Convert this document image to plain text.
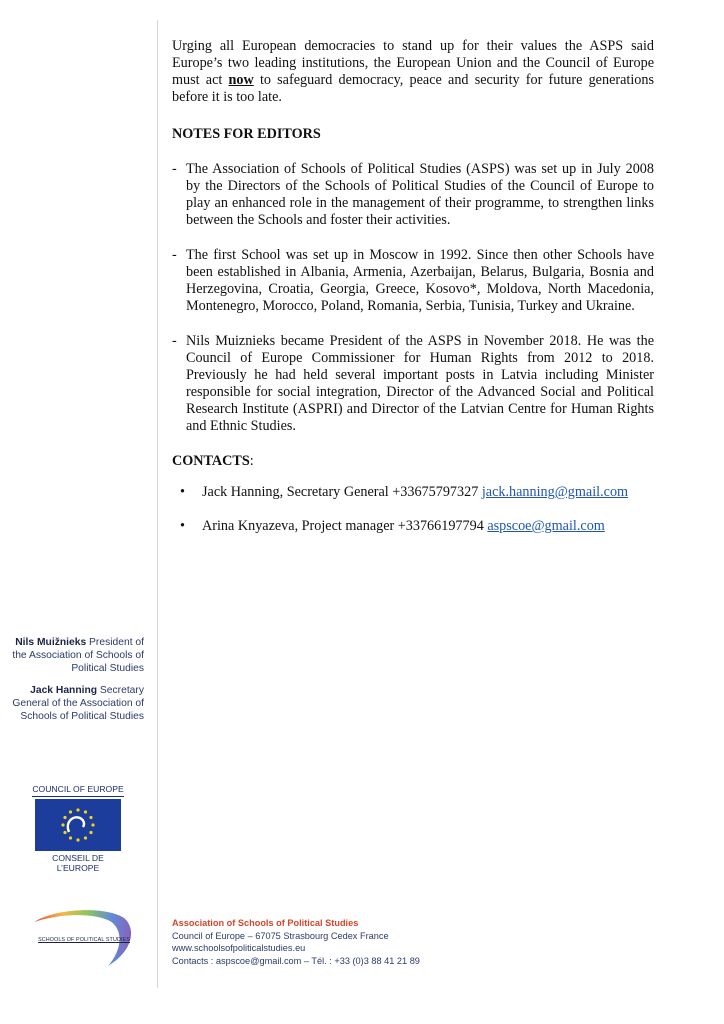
Urging all European democracies to stand up for their values the ASPS said Europe’s two leading institutions, the European Union and the Council of Europe must act now to safeguard democracy, peace and security for future generations before it is too late.

NOTES FOR EDITORS

- The Association of Schools of Political Studies (ASPS) was set up in July 2008 by the Directors of the Schools of Political Studies of the Council of Europe to play an enhanced role in the management of their programme, to strengthen links between the Schools and foster their activities.
- The first School was set up in Moscow in 1992. Since then other Schools have been established in Albania, Armenia, Azerbaijan, Belarus, Bulgaria, Bosnia and Herzegovina, Croatia, Georgia, Greece, Kosovo*, Moldova, North Macedonia, Montenegro, Morocco, Poland, Romania, Serbia, Tunisia, Turkey and Ukraine.
- Nils Muiznieks became President of the ASPS in November 2018. He was the Council of Europe Commissioner for Human Rights from 2012 to 2018. Previously he had held several important posts in Latvia including Minister responsible for social integration, Director of the Advanced Social and Political Research Institute (ASPRI) and Director of the Latvian Centre for Human Rights and Ethnic Studies.

CONTACTS:

• Jack Hanning, Secretary General +33675797327 jack.hanning@gmail.com
• Arina Knyazeva, Project manager +33766197794 aspscoe@gmail.com

Nils Muižnieks President of the Association of Schools of Political Studies

Jack Hanning Secretary General of the Association of Schools of Political Studies

COUNCIL OF EUROPE
CONSEIL DE L’EUROPE
SCHOOLS OF POLITICAL STUDIES
Association of Schools of Political Studies
Council of Europe – 67075 Strasbourg Cedex France
www.schoolsofpoliticalstudies.eu
Contacts : aspscoe@gmail.com – Tél. : +33 (0)3 88 41 21 89
